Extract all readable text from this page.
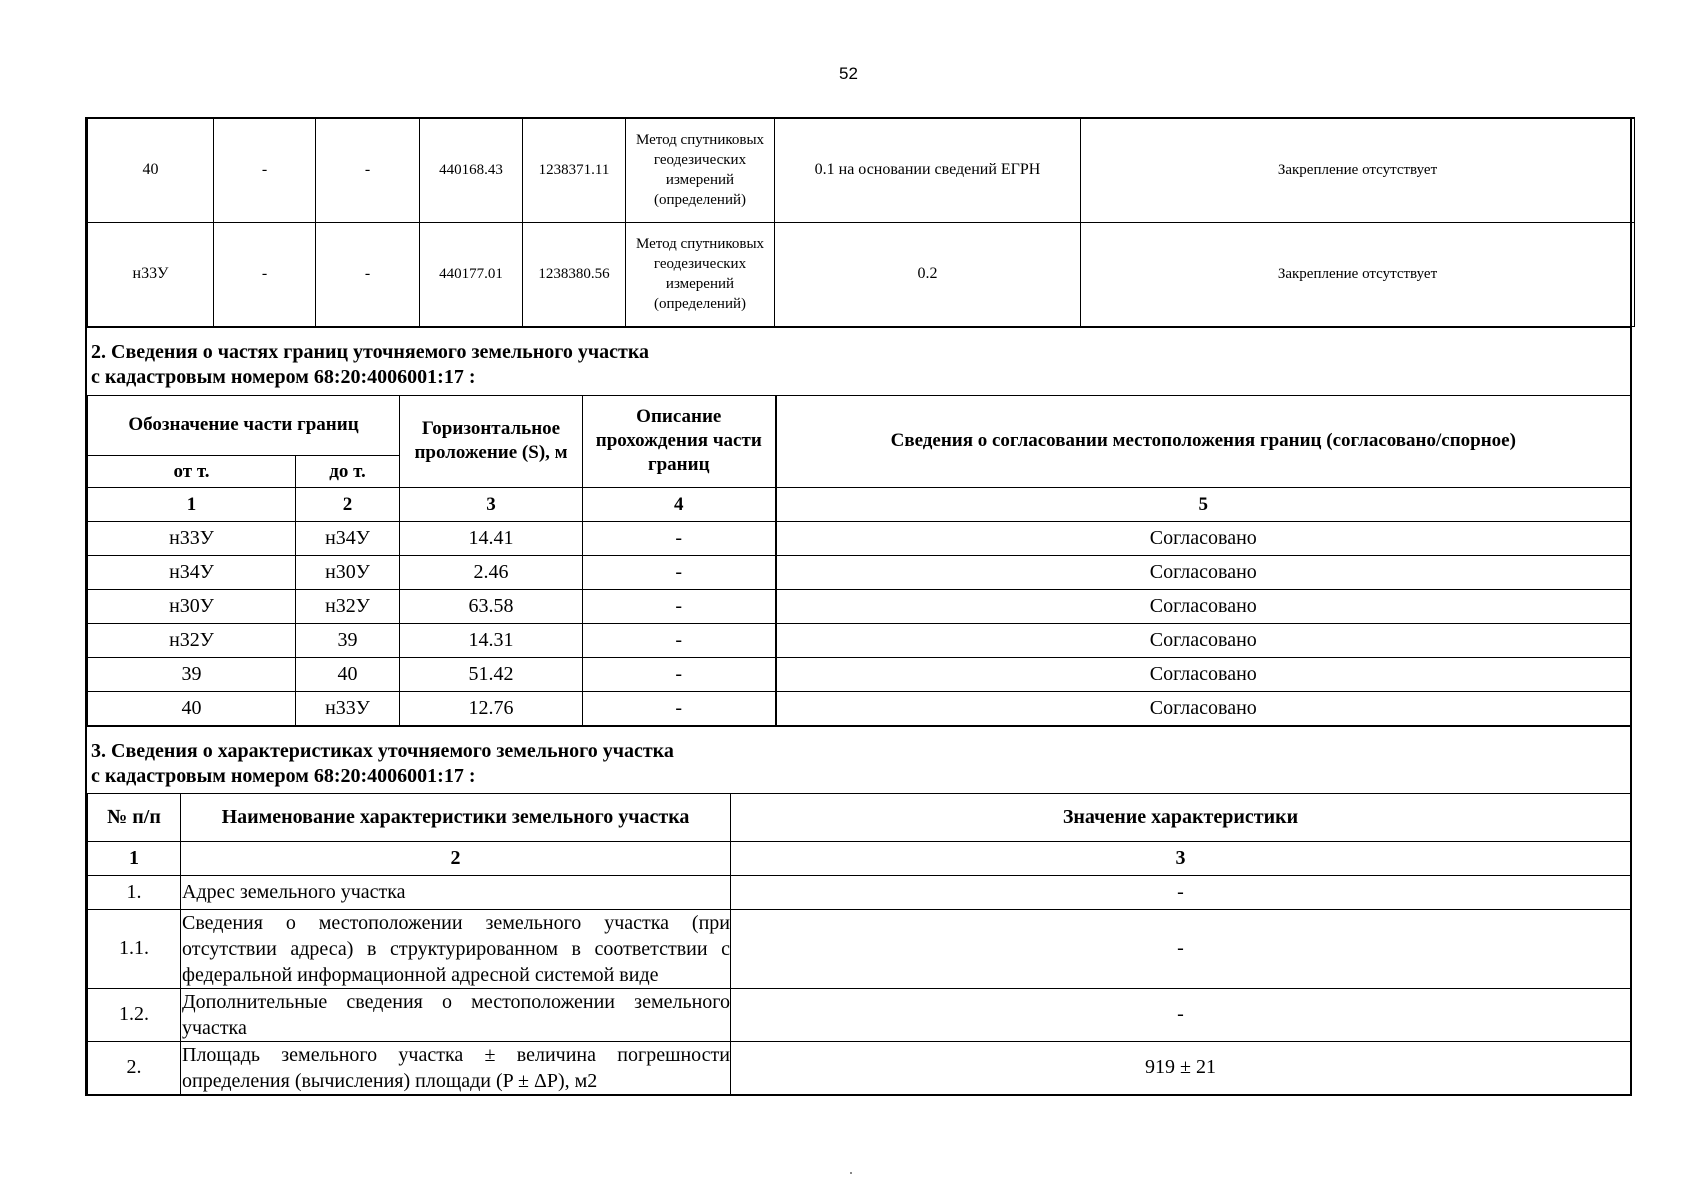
52
40	-	-	440168.43	1238371.11	Метод спутниковых геодезических измерений (определений)	0.1 на основании сведений ЕГРН	Закрепление отсутствует
н33У	-	-	440177.01	1238380.56	Метод спутниковых геодезических измерений (определений)	0.2	Закрепление отсутствует
2. Сведения о частях границ уточняемого земельного участка
с кадастровым номером 68:20:4006001:17 :
Обозначение части границ		Горизонтальное проложение (S), м	Описание прохождения части границ	Сведения о согласовании местоположения границ (согласовано/спорное)
от т.	до т.			
1	2	3	4	5
н33У	н34У	14.41	-	Согласовано
н34У	н30У	2.46	-	Согласовано
н30У	н32У	63.58	-	Согласовано
н32У	39	14.31	-	Согласовано
39	40	51.42	-	Согласовано
40	н33У	12.76	-	Согласовано
3. Сведения о характеристиках уточняемого земельного участка
с кадастровым номером 68:20:4006001:17 :
№ п/п	Наименование характеристики земельного участка	Значение характеристики
1	2	3
1.	Адрес земельного участка	-
1.1.	Сведения о местоположении земельного участка (при отсутствии адреса) в структурированном в соответствии с федеральной информационной адресной системой виде	-
1.2.	Дополнительные сведения о местоположении земельного участка	-
2.	Площадь земельного участка ± величина погрешности определения (вычисления) площади (P ± ΔP), м2	919 ± 21
